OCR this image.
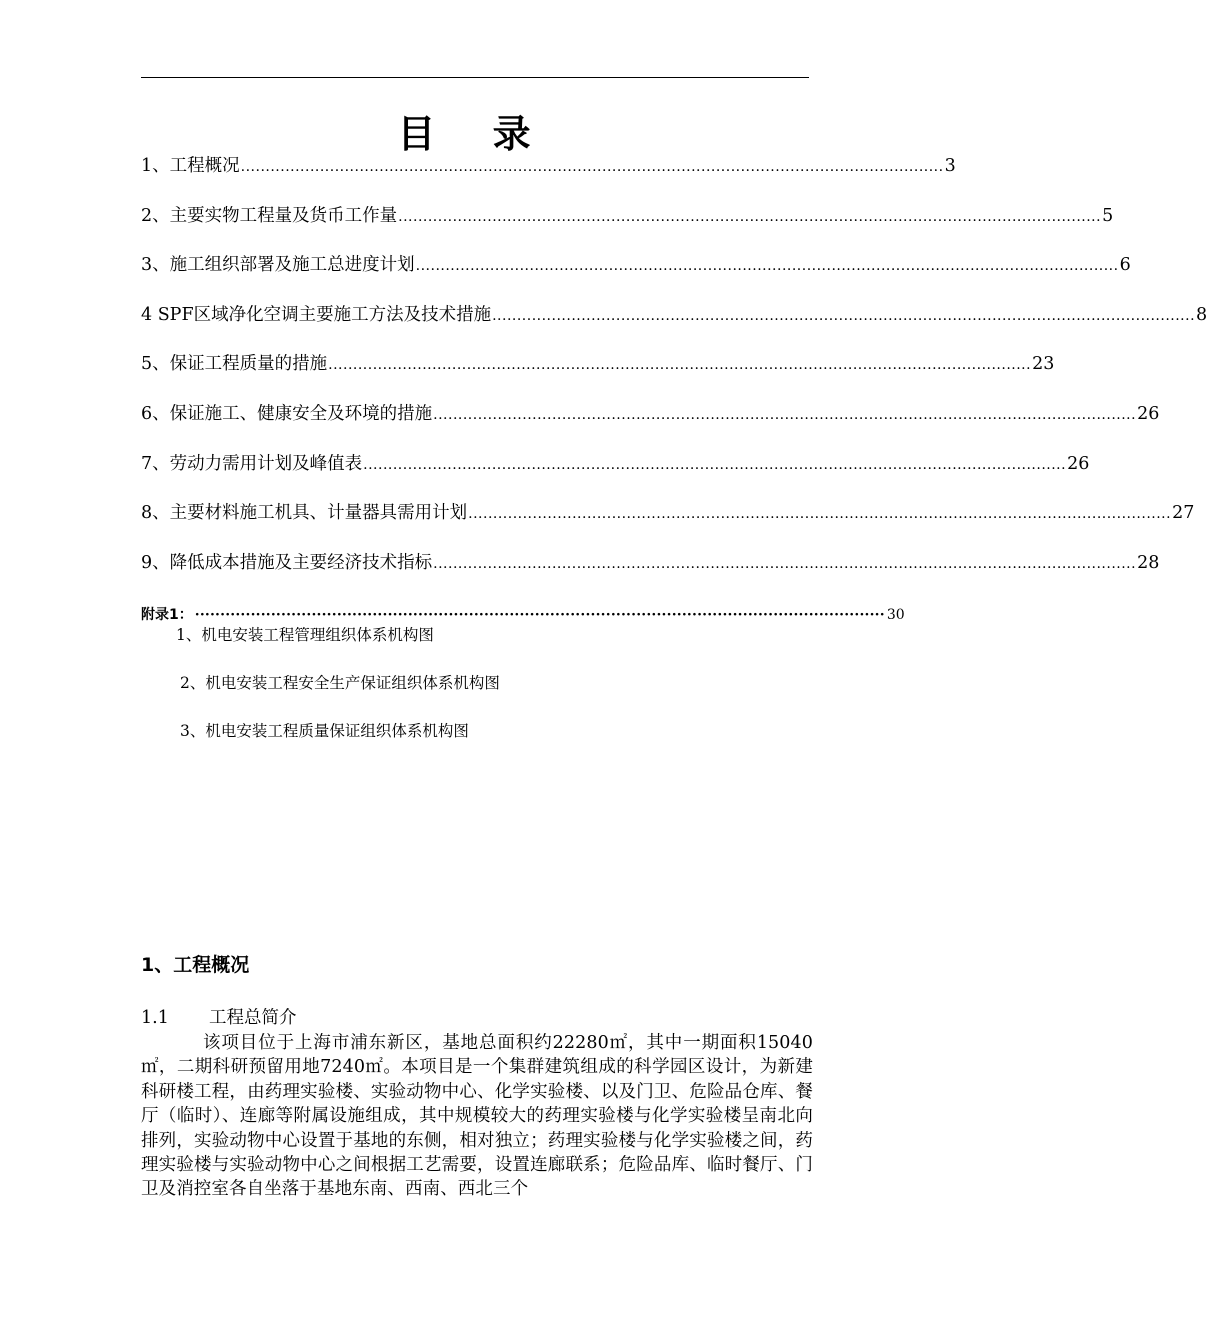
目 录
1、工程概况 .............................................................................................................................................. 3
2、主要实物工程量及货币工作量 .............................................................................................................................................. 5
3、施工组织部署及施工总进度计划 .............................................................................................................................................. 6
4 SPF区域净化空调主要施工方法及技术措施 .............................................................................................................................................. 8
5、保证工程质量的措施 .............................................................................................................................................. 23
6、保证施工、健康安全及环境的措施 .............................................................................................................................................. 26
7、劳动力需用计划及峰值表 .............................................................................................................................................. 26
8、主要材料施工机具、计量器具需用计划 .............................................................................................................................................. 27
9、降低成本措施及主要经济技术指标 .............................................................................................................................................. 28
附录1： ········································································································································ 30
1、机电安装工程管理组织体系机构图
2、机电安装工程安全生产保证组织体系机构图
3、机电安装工程质量保证组织体系机构图
1、工程概况
1.1 工程总简介
该项目位于上海市浦东新区，基地总面积约22280㎡，其中一期面积15040㎡，二期科研预留用地7240㎡。本项目是一个集群建筑组成的科学园区设计，为新建科研楼工程，由药理实验楼、实验动物中心、化学实验楼、以及门卫、危险品仓库、餐厅（临时）、连廊等附属设施组成，其中规模较大的药理实验楼与化学实验楼呈南北向排列，实验动物中心设置于基地的东侧，相对独立；药理实验楼与化学实验楼之间，药理实验楼与实验动物中心之间根据工艺需要，设置连廊联系；危险品库、临时餐厅、门卫及消控室各自坐落于基地东南、西南、西北三个
